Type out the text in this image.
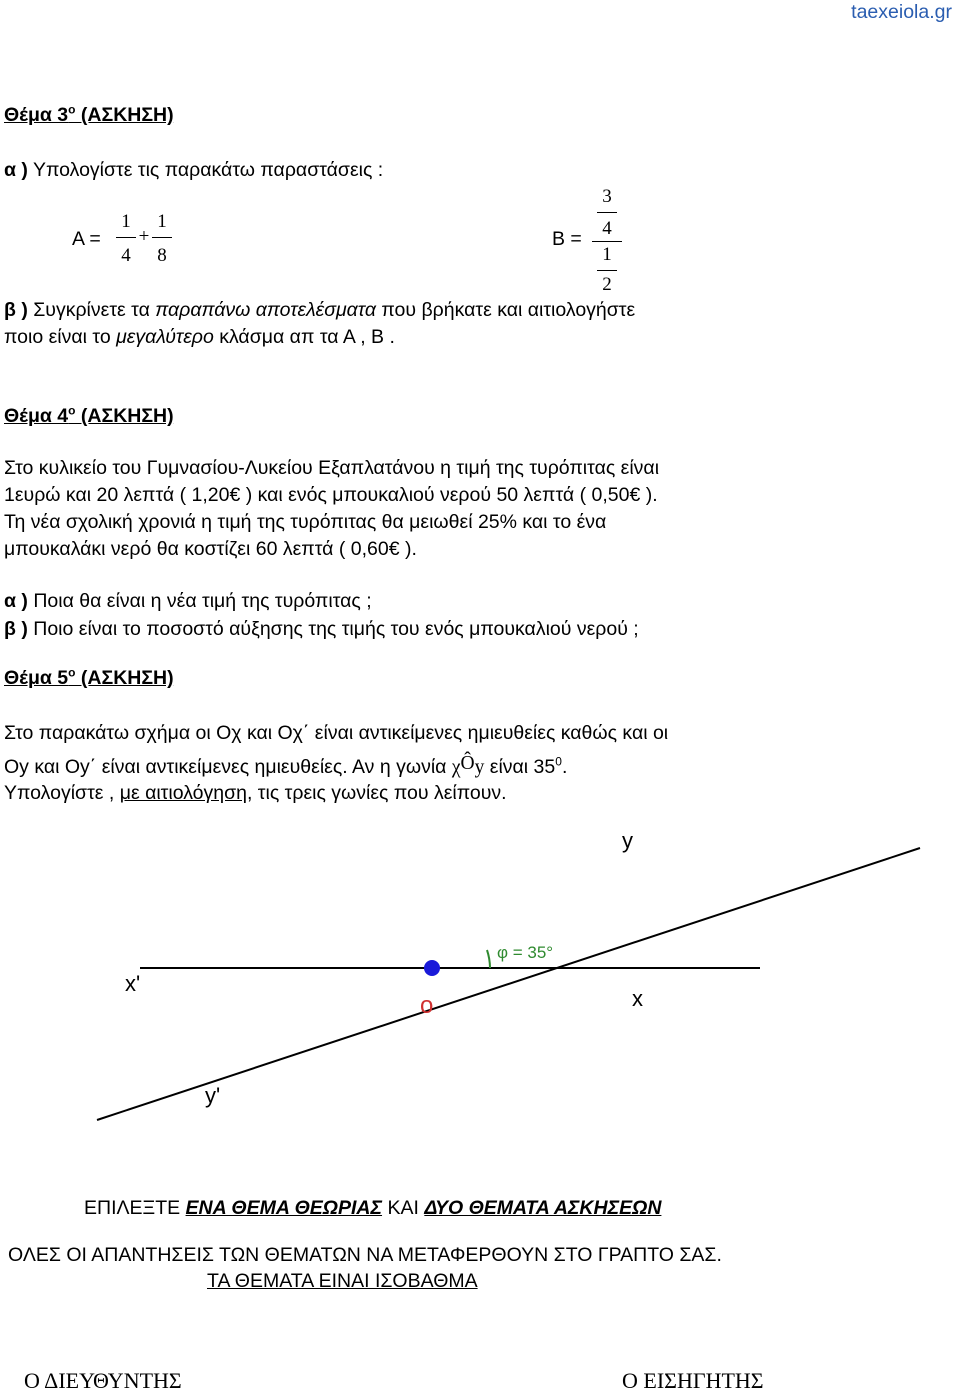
taexeiola.gr
Θέμα $3^o$ (ΑΣΚΗΣΗ)
α ) Υπολογίστε τις παρακάτω παραστάσεις :
Α =
1
4
+
1
8
Β =
3
4
1
2
β ) Συγκρίνετε τα παραπάνω αποτελέσματα που βρήκατε και αιτιολογήστε
ποιο είναι το μεγαλύτερο κλάσμα απ τα Α , Β .
Θέμα $4^o$ (ΑΣΚΗΣΗ)
Στο κυλικείο του Γυμνασίου-Λυκείου Εξαπλατάνου η τιμή της τυρόπιτας είναι
1ευρώ και 20 λεπτά ( 1,20€ ) και ενός μπουκαλιού νερού 50 λεπτά ( 0,50€ ).
Τη νέα σχολική χρονιά η τιμή της τυρόπιτας θα μειωθεί 25% και το ένα
μπουκαλάκι νερό θα κοστίζει 60 λεπτά ( 0,60€ ).
α ) Ποια θα είναι η νέα τιμή της τυρόπιτας ;
β ) Ποιο είναι το ποσοστό αύξησης της τιμής του ενός μπουκαλιού νερού ;
Θέμα $5^o$ (ΑΣΚΗΣΗ)
Στο παρακάτω σχήμα οι Οχ και Οχ΄ είναι αντικείμενες ημιευθείες καθώς και οι
Οy και Οy΄ είναι αντικείμενες ημιευθείες. Αν η γωνία χÔy είναι $35^0$.
Υπολογίστε , με αιτιολόγηση, τις τρεις γωνίες που λείπουν.
φ = 35°
y
x'
x
o
y'
ΕΠΙΛΕΞΤΕ ΕΝΑ ΘΕΜΑ ΘΕΩΡΙΑΣ ΚΑΙ ΔΥΟ ΘΕΜΑΤΑ ΑΣΚΗΣΕΩΝ
ΟΛΕΣ ΟΙ ΑΠΑΝΤΗΣΕΙΣ ΤΩΝ ΘΕΜΑΤΩΝ ΝΑ ΜΕΤΑΦΕΡΘΟΥΝ ΣΤΟ ΓΡΑΠΤΟ ΣΑΣ.
ΤΑ ΘΕΜΑΤΑ ΕΙΝΑΙ ΙΣΟΒΑΘΜΑ
Ο ΔΙΕΥΘΥΝΤΗΣ	Ο ΕΙΣΗΓΗΤΗΣ
